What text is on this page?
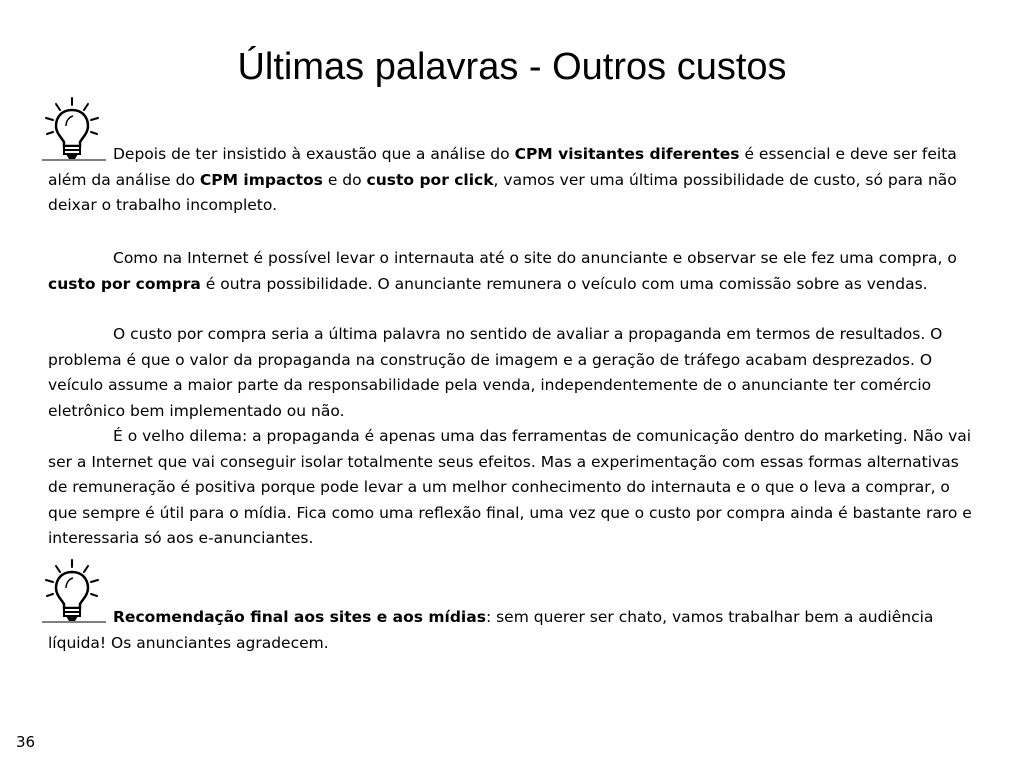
Últimas palavras - Outros custos

Depois de ter insistido à exaustão que a análise do CPM visitantes diferentes é essencial e deve ser feita além da análise do CPM impactos e do custo por click, vamos ver uma última possibilidade de custo, só para não deixar o trabalho incompleto.

Como na Internet é possível levar o internauta até o site do anunciante e observar se ele fez uma compra, o custo por compra é outra possibilidade. O anunciante remunera o veículo com uma comissão sobre as vendas.

O custo por compra seria a última palavra no sentido de avaliar a propaganda em termos de resultados. O problema é que o valor da propaganda na construção de imagem e a geração de tráfego acabam desprezados. O veículo assume a maior parte da responsabilidade pela venda, independentemente de o anunciante ter comércio eletrônico bem implementado ou não.

É o velho dilema: a propaganda é apenas uma das ferramentas de comunicação dentro do marketing. Não vai ser a Internet que vai conseguir isolar totalmente seus efeitos. Mas a experimentação com essas formas alternativas de remuneração é positiva porque pode levar a um melhor conhecimento do internauta e o que o leva a comprar, o que sempre é útil para o mídia. Fica como uma reflexão final, uma vez que o custo por compra ainda é bastante raro e interessaria só aos e-anunciantes.

Recomendação final aos sites e aos mídias: sem querer ser chato, vamos trabalhar bem a audiência líquida! Os anunciantes agradecem.

36
